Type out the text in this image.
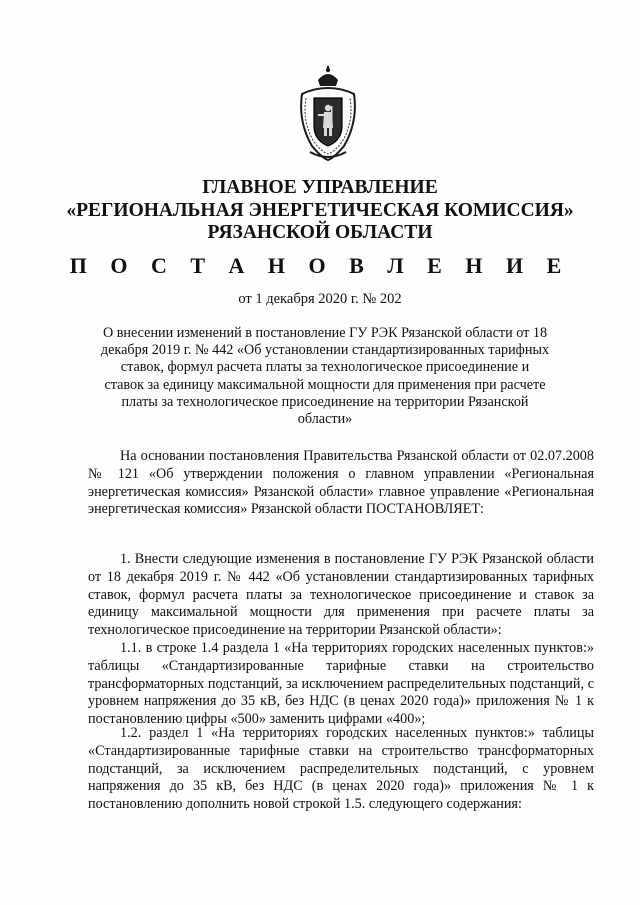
ГЛАВНОЕ УПРАВЛЕНИЕ
«РЕГИОНАЛЬНАЯ ЭНЕРГЕТИЧЕСКАЯ КОМИССИЯ»
РЯЗАНСКОЙ ОБЛАСТИ
П О С Т А Н О В Л Е Н И Е
от 1 декабря 2020 г. № 202
О внесении изменений в постановление ГУ РЭК Рязанской области от 18 декабря 2019 г. № 442 «Об установлении стандартизированных тарифных ставок, формул расчета платы за технологическое присоединение и ставок за единицу максимальной мощности для применения при расчете платы за технологическое присоединение на территории Рязанской области»

На основании постановления Правительства Рязанской области от 02.07.2008 № 121 «Об утверждении положения о главном управлении «Региональная энергетическая комиссия» Рязанской области» главное управление «Региональная энергетическая комиссия» Рязанской области ПОСТАНОВЛЯЕТ:

1. Внести следующие изменения в постановление ГУ РЭК Рязанской области от 18 декабря 2019 г. № 442 «Об установлении стандартизированных тарифных ставок, формул расчета платы за технологическое присоединение и ставок за единицу максимальной мощности для применения при расчете платы за технологическое присоединение на территории Рязанской области»:

1.1. в строке 1.4 раздела 1 «На территориях городских населенных пунктов:» таблицы «Стандартизированные тарифные ставки на строительство трансформаторных подстанций, за исключением распределительных подстанций, с уровнем напряжения до 35 кВ, без НДС (в ценах 2020 года)» приложения № 1 к постановлению цифры «500» заменить цифрами «400»;

1.2. раздел 1 «На территориях городских населенных пунктов:» таблицы «Стандартизированные тарифные ставки на строительство трансформаторных подстанций, за исключением распределительных подстанций, с уровнем напряжения до 35 кВ, без НДС (в ценах 2020 года)» приложения № 1 к постановлению дополнить новой строкой 1.5. следующего содержания:
